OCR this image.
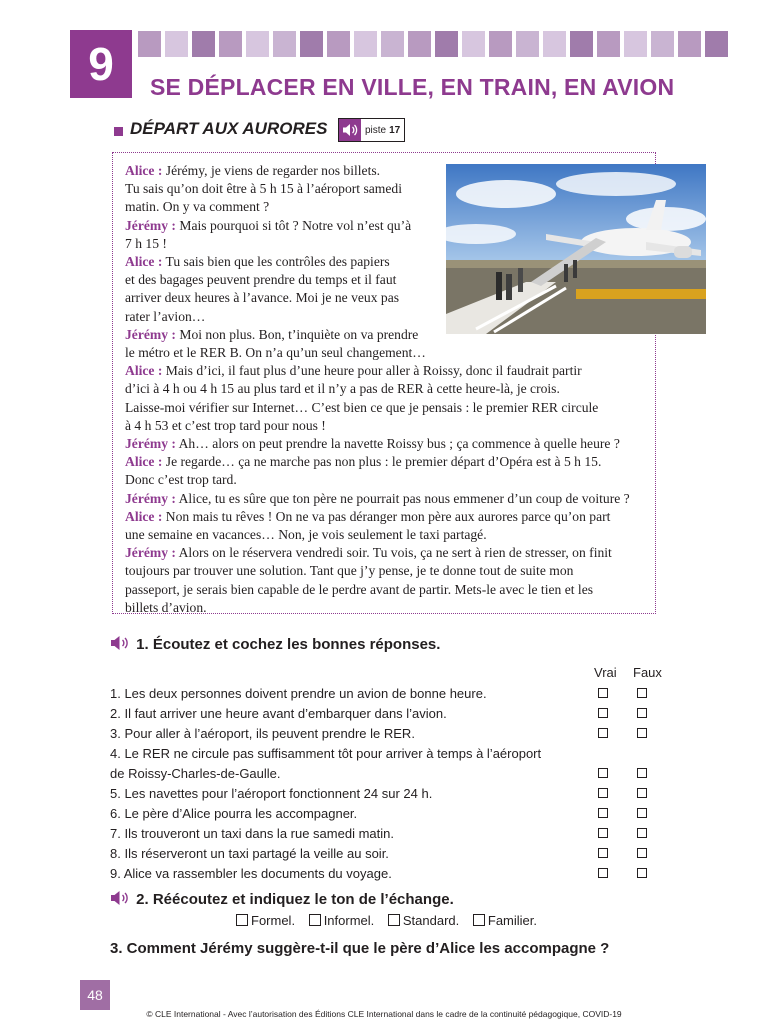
9	SE DÉPLACER EN VILLE, EN TRAIN, EN AVION
DÉPART AUX AURORES	piste 17
Alice : Jérémy, je viens de regarder nos billets.
Tu sais qu’on doit être à 5 h 15 à l’aéroport samedi
matin. On y va comment ?
Jérémy : Mais pourquoi si tôt ? Notre vol n’est qu’à
7 h 15 !
Alice : Tu sais bien que les contrôles des papiers
et des bagages peuvent prendre du temps et il faut
arriver deux heures à l’avance. Moi je ne veux pas
rater l’avion…
Jérémy : Moi non plus. Bon, t’inquiète on va prendre
le métro et le RER B. On n’a qu’un seul changement…
Alice : Mais d’ici, il faut plus d’une heure pour aller à Roissy, donc il faudrait partir
d’ici à 4 h ou 4 h 15 au plus tard et il n’y a pas de RER à cette heure-là, je crois.
Laisse-moi vérifier sur Internet… C’est bien ce que je pensais : le premier RER circule
à 4 h 53 et c’est trop tard pour nous !
Jérémy : Ah… alors on peut prendre la navette Roissy bus ; ça commence à quelle heure ?
Alice : Je regarde… ça ne marche pas non plus : le premier départ d’Opéra est à 5 h 15.
Donc c’est trop tard.
Jérémy : Alice, tu es sûre que ton père ne pourrait pas nous emmener d’un coup de voiture ?
Alice : Non mais tu rêves ! On ne va pas déranger mon père aux aurores parce qu’on part
une semaine en vacances… Non, je vois seulement le taxi partagé.
Jérémy : Alors on le réservera vendredi soir. Tu vois, ça ne sert à rien de stresser, on finit
toujours par trouver une solution. Tant que j’y pense, je te donne tout de suite mon
passeport, je serais bien capable de le perdre avant de partir. Mets-le avec le tien et les
billets d’avion.
1. Écoutez et cochez les bonnes réponses.
Vrai Faux
1. Les deux personnes doivent prendre un avion de bonne heure.
2. Il faut arriver une heure avant d’embarquer dans l’avion.
3. Pour aller à l’aéroport, ils peuvent prendre le RER.
4. Le RER ne circule pas suffisamment tôt pour arriver à temps à l’aéroport
de Roissy-Charles-de-Gaulle.
5. Les navettes pour l’aéroport fonctionnent 24 sur 24 h.
6. Le père d’Alice pourra les accompagner.
7. Ils trouveront un taxi dans la rue samedi matin.
8. Ils réserveront un taxi partagé la veille au soir.
9. Alice va rassembler les documents du voyage.
2. Réécoutez et indiquez le ton de l’échange.
Formel. Informel. Standard. Familier.
3. Comment Jérémy suggère-t-il que le père d’Alice les accompagne ?
48
© CLE International - Avec l’autorisation des Éditions CLE International dans le cadre de la continuité pédagogique, COVID-19
